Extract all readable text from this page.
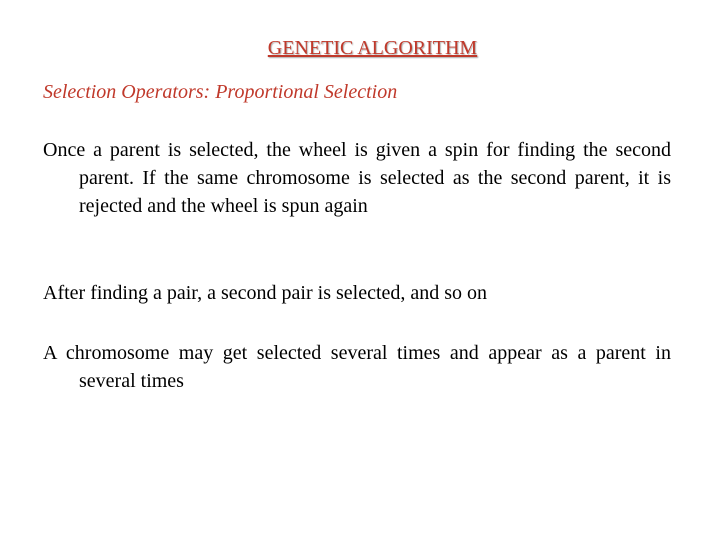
GENETIC ALGORITHM
Selection Operators: Proportional Selection
Once a parent is selected, the wheel is given a spin for finding the second parent. If the same chromosome is selected as the second parent, it is rejected and the wheel is spun again
After finding a pair, a second pair is selected, and so on
A chromosome may get selected several times and appear as a parent in several times
